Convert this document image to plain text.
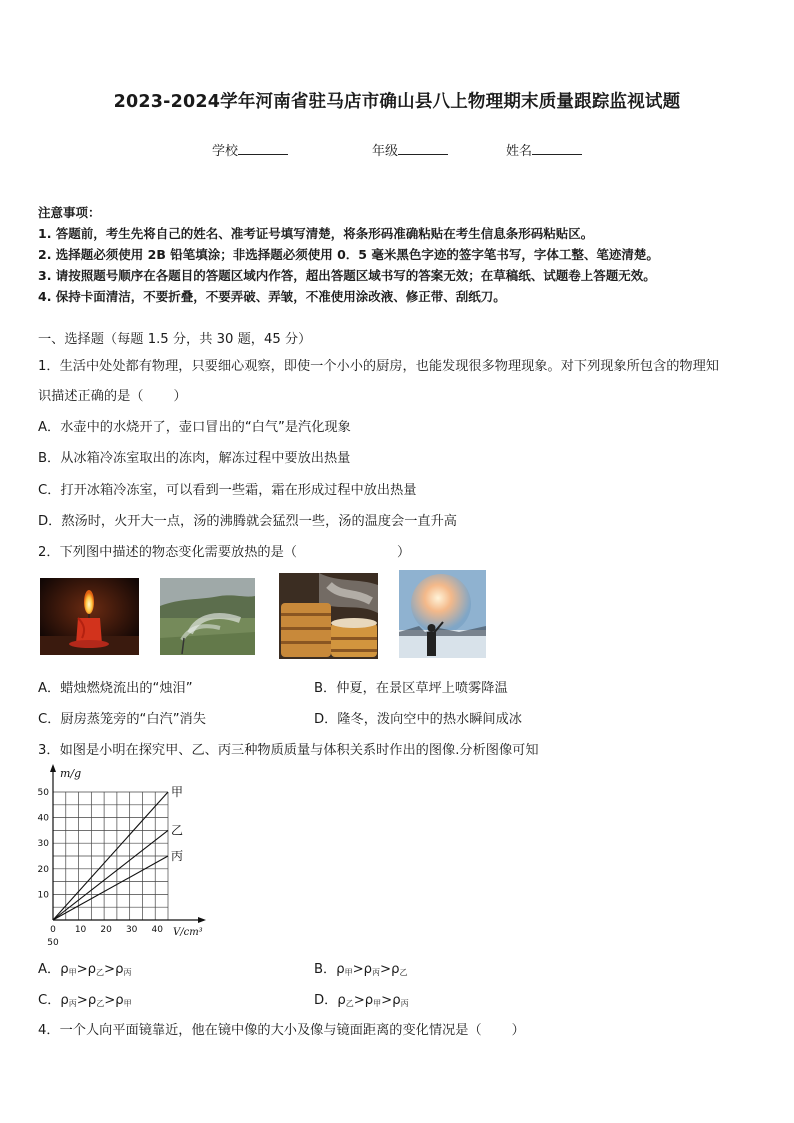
2023-2024学年河南省驻马店市确山县八上物理期末质量跟踪监视试题
学校	年级	姓名
注意事项：
1. 答题前，考生先将自己的姓名、准考证号填写清楚，将条形码准确粘贴在考生信息条形码粘贴区。
2. 选择题必须使用 2B 铅笔填涂；非选择题必须使用 0．5 毫米黑色字迹的签字笔书写，字体工整、笔迹清楚。
3. 请按照题号顺序在各题目的答题区域内作答，超出答题区域书写的答案无效；在草稿纸、试题卷上答题无效。
4. 保持卡面清洁，不要折叠，不要弄破、弄皱，不准使用涂改液、修正带、刮纸刀。
一、选择题（每题 1.5 分，共 30 题，45 分）
1．生活中处处都有物理，只要细心观察，即使一个小小的厨房，也能发现很多物理现象。对下列现象所包含的物理知
识描述正确的是（ ）
A．水壶中的水烧开了，壶口冒出的“白气”是汽化现象
B．从冰箱冷冻室取出的冻肉，解冻过程中要放出热量
C．打开冰箱冷冻室，可以看到一些霜，霜在形成过程中放出热量
D．熬汤时，火开大一点，汤的沸腾就会猛烈一些，汤的温度会一直升高
2．下列图中描述的物态变化需要放热的是（	）
A．蜡烛燃烧流出的“烛泪”	B．仲夏，在景区草坪上喷雾降温
C．厨房蒸笼旁的“白汽”消失	D．隆冬，泼向空中的热水瞬间成冰
3．如图是小明在探究甲、乙、丙三种物质质量与体积关系时作出的图像.分析图像可知
m/g
V/cm³
10
20
30
40
50
0 10 20 30 40
50
甲
乙
丙
A．$\rho_甲>\rho_乙>\rho_丙$	B．$\rho_甲>\rho_丙>\rho_乙$
C．$\rho_丙>\rho_乙>\rho_甲$	D．$\rho_乙>\rho_甲>\rho_丙$
4．一个人向平面镜靠近，他在镜中像的大小及像与镜面距离的变化情况是（ ）
